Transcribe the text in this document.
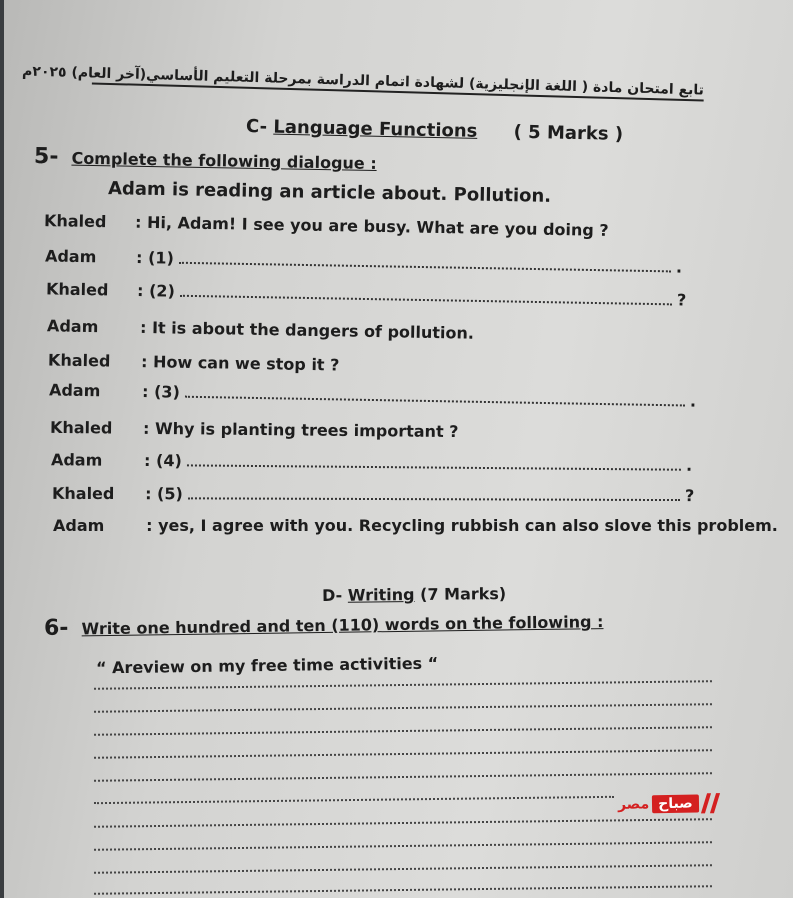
تابع امتحان مادة ( اللغة الإنجليزية) لشهادة اتمام الدراسة بمرحلة التعليم الأساسي(آخر العام) ٢٠٢٥م
C- Language Functions ( 5 Marks )
5- Complete the following dialogue :
Adam is reading an article about. Pollution.
Khaled : Hi, Adam! I see you are busy. What are you doing ?
Adam : (1)	.
Khaled : (2)	?
Adam	: It is about the dangers of pollution.
Khaled : How can we stop it ?
Adam	: (3)	.
Khaled : Why is planting trees important ?
Adam	: (4)	.
Khaled : (5)	?
Adam	: yes, I agree with you. Recycling rubbish can also slove this problem.
D- Writing (7 Marks)
6- Write one hundred and ten (110) words on the following :
“ Areview on my free time activities “
مصر صباح
